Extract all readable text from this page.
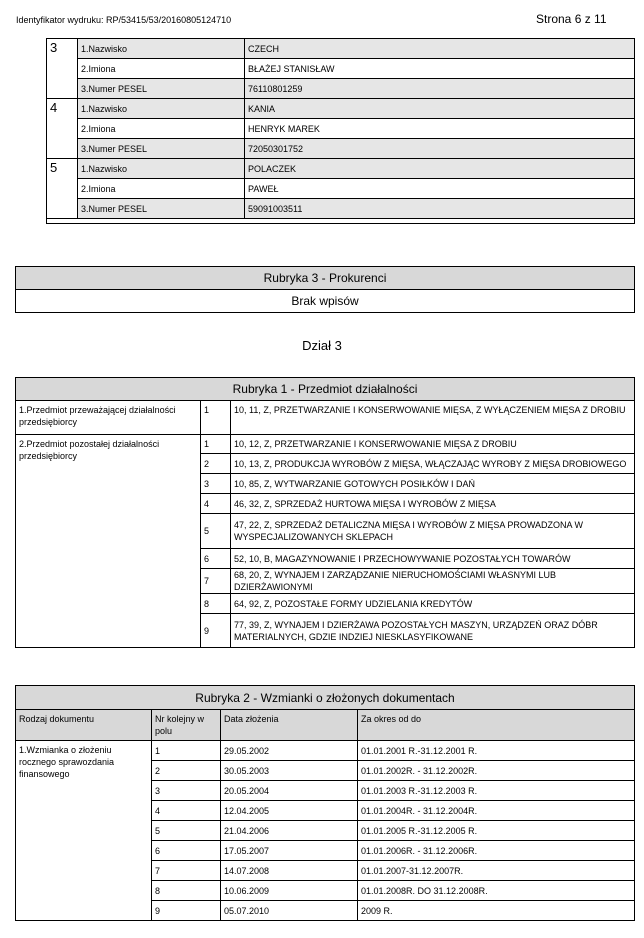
Identyfikator wydruku: RP/53415/53/20160805124710	Strona 6 z 11
3	1.Nazwisko	CZECH
	2.Imiona	BŁAŻEJ STANISŁAW
	3.Numer PESEL	76110801259
4	1.Nazwisko	KANIA
	2.Imiona	HENRYK MAREK
	3.Numer PESEL	72050301752
5	1.Nazwisko	POLACZEK
	2.Imiona	PAWEŁ
	3.Numer PESEL	59091003511

Rubryka 3 - Prokurenci
Brak wpisów
Dział 3
Rubryka 1 - Przedmiot działalności		
1.Przedmiot przeważającej działalności przedsiębiorcy	1	10, 11, Z, PRZETWARZANIE I KONSERWOWANIE MIĘSA, Z WYŁĄCZENIEM MIĘSA Z DROBIU
2.Przedmiot pozostałej działalności przedsiębiorcy	1	10, 12, Z, PRZETWARZANIE I KONSERWOWANIE MIĘSA Z DROBIU
	2	10, 13, Z, PRODUKCJA WYROBÓW Z MIĘSA, WŁĄCZAJĄC WYROBY Z MIĘSA DROBIOWEGO
	3	10, 85, Z, WYTWARZANIE GOTOWYCH POSIŁKÓW I DAŃ
	4	46, 32, Z, SPRZEDAŻ HURTOWA MIĘSA I WYROBÓW Z MIĘSA
	5	47, 22, Z, SPRZEDAŻ DETALICZNA MIĘSA I WYROBÓW Z MIĘSA PROWADZONA W WYSPECJALIZOWANYCH SKLEPACH
	6	52, 10, B, MAGAZYNOWANIE I PRZECHOWYWANIE POZOSTAŁYCH TOWARÓW
	7	68, 20, Z, WYNAJEM I ZARZĄDZANIE NIERUCHOMOŚCIAMI WŁASNYMI LUB DZIERŻAWIONYMI
	8	64, 92, Z, POZOSTAŁE FORMY UDZIELANIA KREDYTÓW
	9	77, 39, Z, WYNAJEM I DZIERŻAWA POZOSTAŁYCH MASZYN, URZĄDZEŃ ORAZ DÓBR MATERIALNYCH, GDZIE INDZIEJ NIESKLASYFIKOWANE
Rubryka 2 - Wzmianki o złożonych dokumentach			
Rodzaj dokumentu	Nr kolejny w polu	Data złożenia	Za okres od do
1.Wzmianka o złożeniu rocznego sprawozdania finansowego	1	29.05.2002	01.01.2001 R.-31.12.2001 R.
	2	30.05.2003	01.01.2002R. - 31.12.2002R.
	3	20.05.2004	01.01.2003 R.-31.12.2003 R.
	4	12.04.2005	01.01.2004R. - 31.12.2004R.
	5	21.04.2006	01.01.2005 R.-31.12.2005 R.
	6	17.05.2007	01.01.2006R. - 31.12.2006R.
	7	14.07.2008	01.01.2007-31.12.2007R.
	8	10.06.2009	01.01.2008R. DO 31.12.2008R.
	9	05.07.2010	2009 R.
